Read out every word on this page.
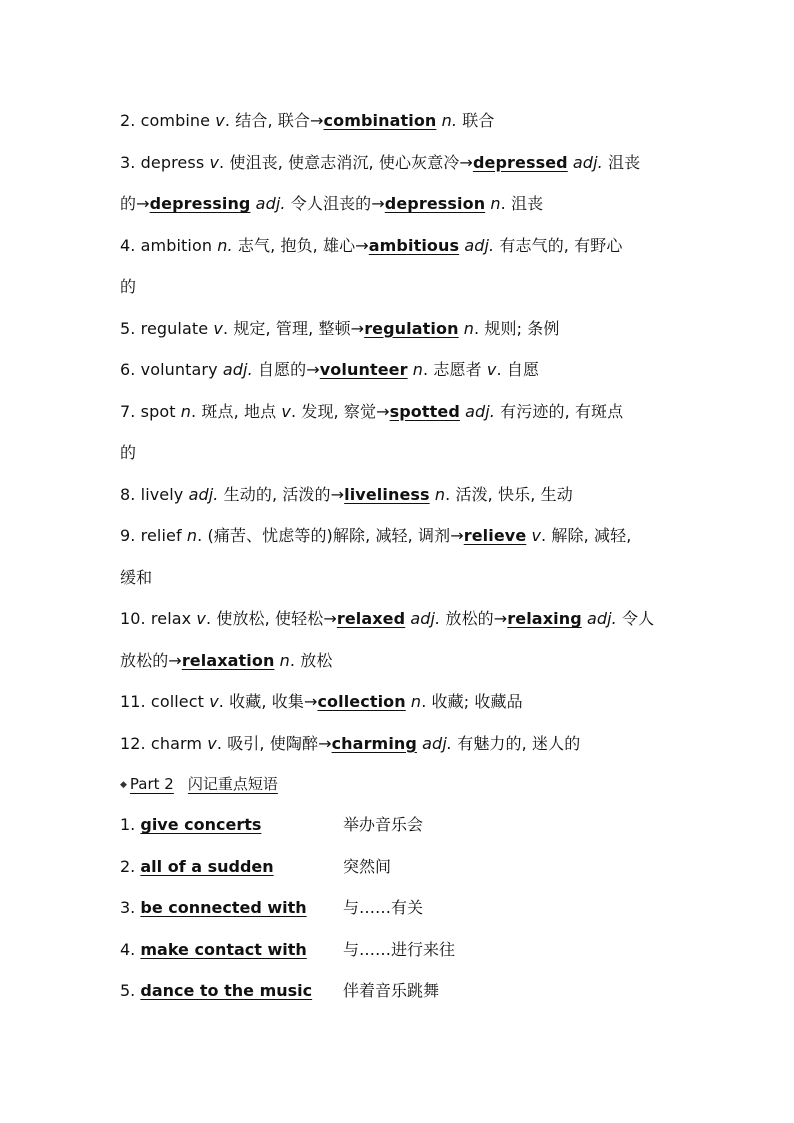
2. combine v. 结合, 联合→combination n. 联合
3. depress v. 使沮丧, 使意志消沉, 使心灰意冷→depressed adj. 沮丧
的→depressing adj. 令人沮丧的→depression n. 沮丧
4. ambition n. 志气, 抱负, 雄心→ambitious adj. 有志气的, 有野心
的
5. regulate v. 规定, 管理, 整顿→regulation n. 规则; 条例
6. voluntary adj. 自愿的→volunteer n. 志愿者 v. 自愿
7. spot n. 斑点, 地点 v. 发现, 察觉→spotted adj. 有污迹的, 有斑点
的
8. lively adj. 生动的, 活泼的→liveliness n. 活泼, 快乐, 生动
9. relief n. (痛苦、忧虑等的)解除, 减轻, 调剂→relieve v. 解除, 减轻,
缓和
10. relax v. 使放松, 使轻松→relaxed adj. 放松的→relaxing adj. 令人
放松的→relaxation n. 放松
11. collect v. 收藏, 收集→collection n. 收藏; 收藏品
12. charm v. 吸引, 使陶醉→charming adj. 有魅力的, 迷人的
◆ Part 2 闪记重点短语
1. give concerts	举办音乐会
2. all of a sudden	突然间
3. be connected with 与……有关
4. make contact with 与……进行来往
5. dance to the music 伴着音乐跳舞
